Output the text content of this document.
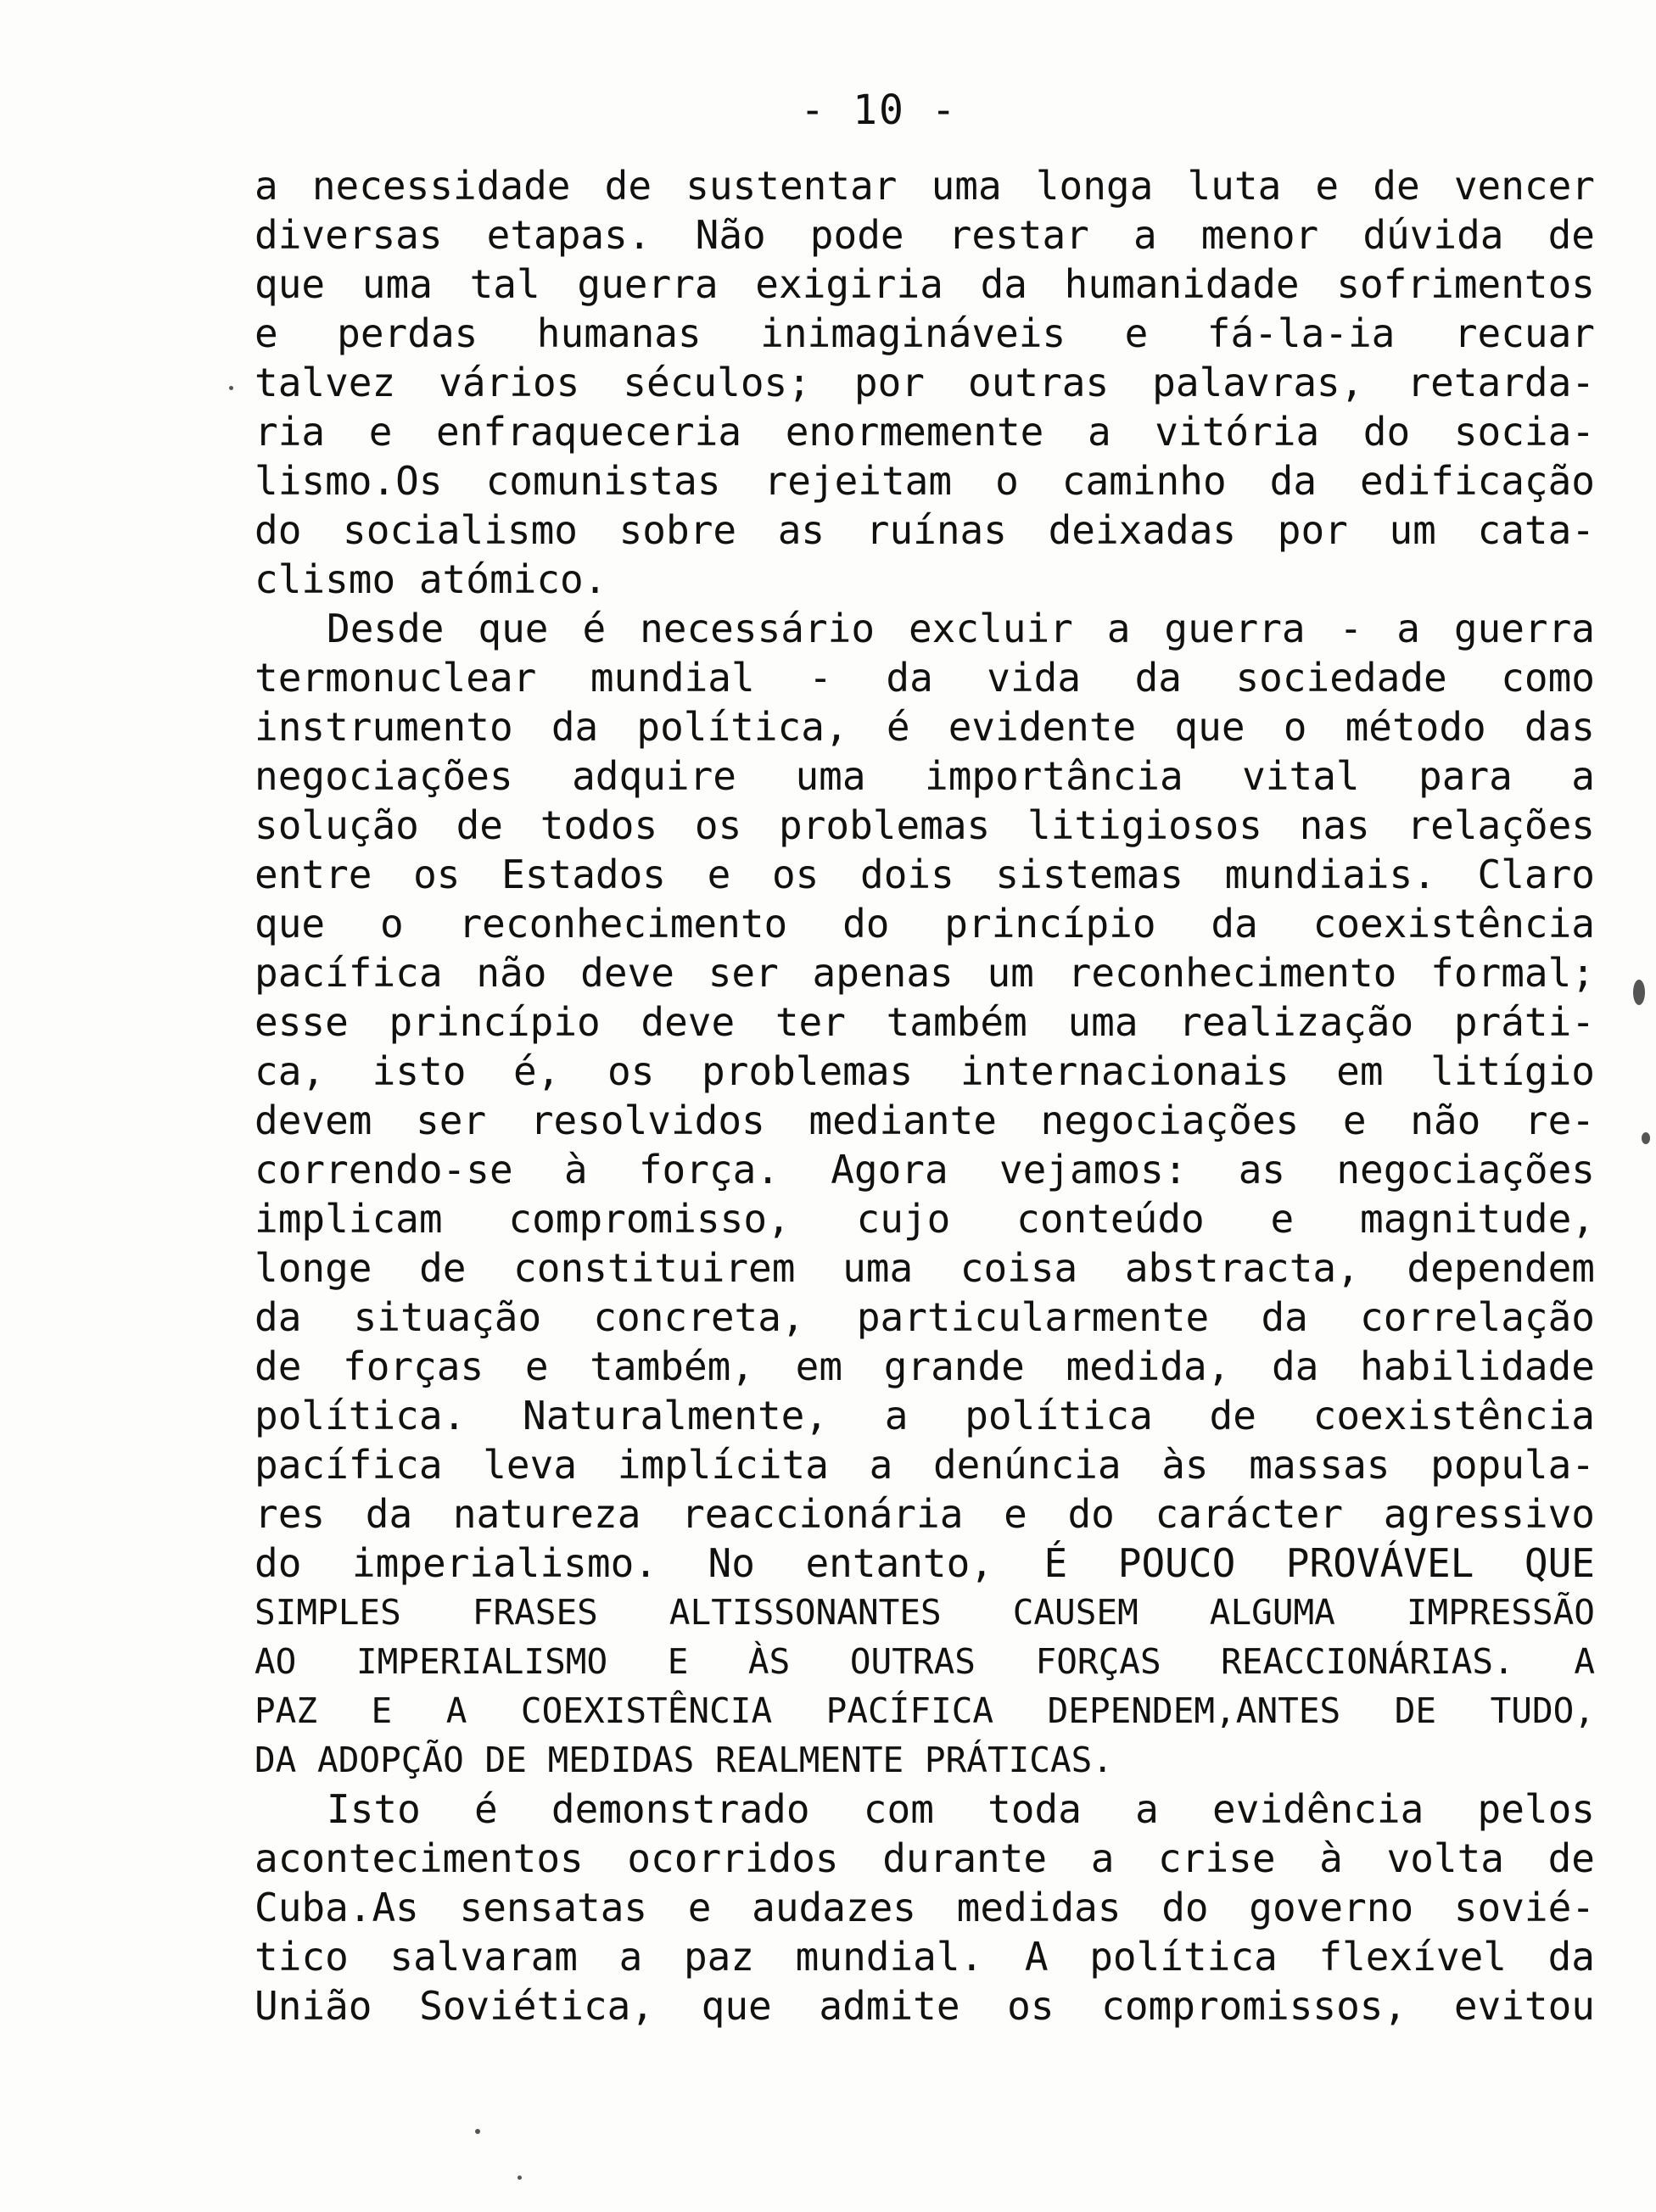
- 10 -
a necessidade de sustentar uma longa luta e de vencer
diversas etapas. Não pode restar a menor dúvida de
que uma tal guerra exigiria da humanidade sofrimentos
e perdas humanas inimagináveis e fá-la-ia recuar
talvez vários séculos; por outras palavras, retarda-
ria e enfraqueceria enormemente a vitória do socia-
lismo.Os comunistas rejeitam o caminho da edificação
do socialismo sobre as ruínas deixadas por um cata-
clismo atómico.
Desde que é necessário excluir a guerra - a guerra
termonuclear mundial - da vida da sociedade como
instrumento da política, é evidente que o método das
negociações adquire uma importância vital para a
solução de todos os problemas litigiosos nas relações
entre os Estados e os dois sistemas mundiais. Claro
que o reconhecimento do princípio da coexistência
pacífica não deve ser apenas um reconhecimento formal;
esse princípio deve ter também uma realização práti-
ca, isto é, os problemas internacionais em litígio
devem ser resolvidos mediante negociações e não re-
correndo-se à força. Agora vejamos: as negociações
implicam compromisso, cujo conteúdo e magnitude,
longe de constituirem uma coisa abstracta, dependem
da situação concreta, particularmente da correlação
de forças e também, em grande medida, da habilidade
política. Naturalmente, a política de coexistência
pacífica leva implícita a denúncia às massas popula-
res da natureza reaccionária e do carácter agressivo
do imperialismo. No entanto, É POUCO PROVÁVEL QUE
SIMPLES FRASES ALTISSONANTES CAUSEM ALGUMA IMPRESSÃO
AO IMPERIALISMO E ÀS OUTRAS FORÇAS REACCIONÁRIAS. A
PAZ E A COEXISTÊNCIA PACÍFICA DEPENDEM,ANTES DE TUDO,
DA ADOPÇÃO DE MEDIDAS REALMENTE PRÁTICAS.
Isto é demonstrado com toda a evidência pelos
acontecimentos ocorridos durante a crise à volta de
Cuba.As sensatas e audazes medidas do governo sovié-
tico salvaram a paz mundial. A política flexível da
União Soviética, que admite os compromissos, evitou
